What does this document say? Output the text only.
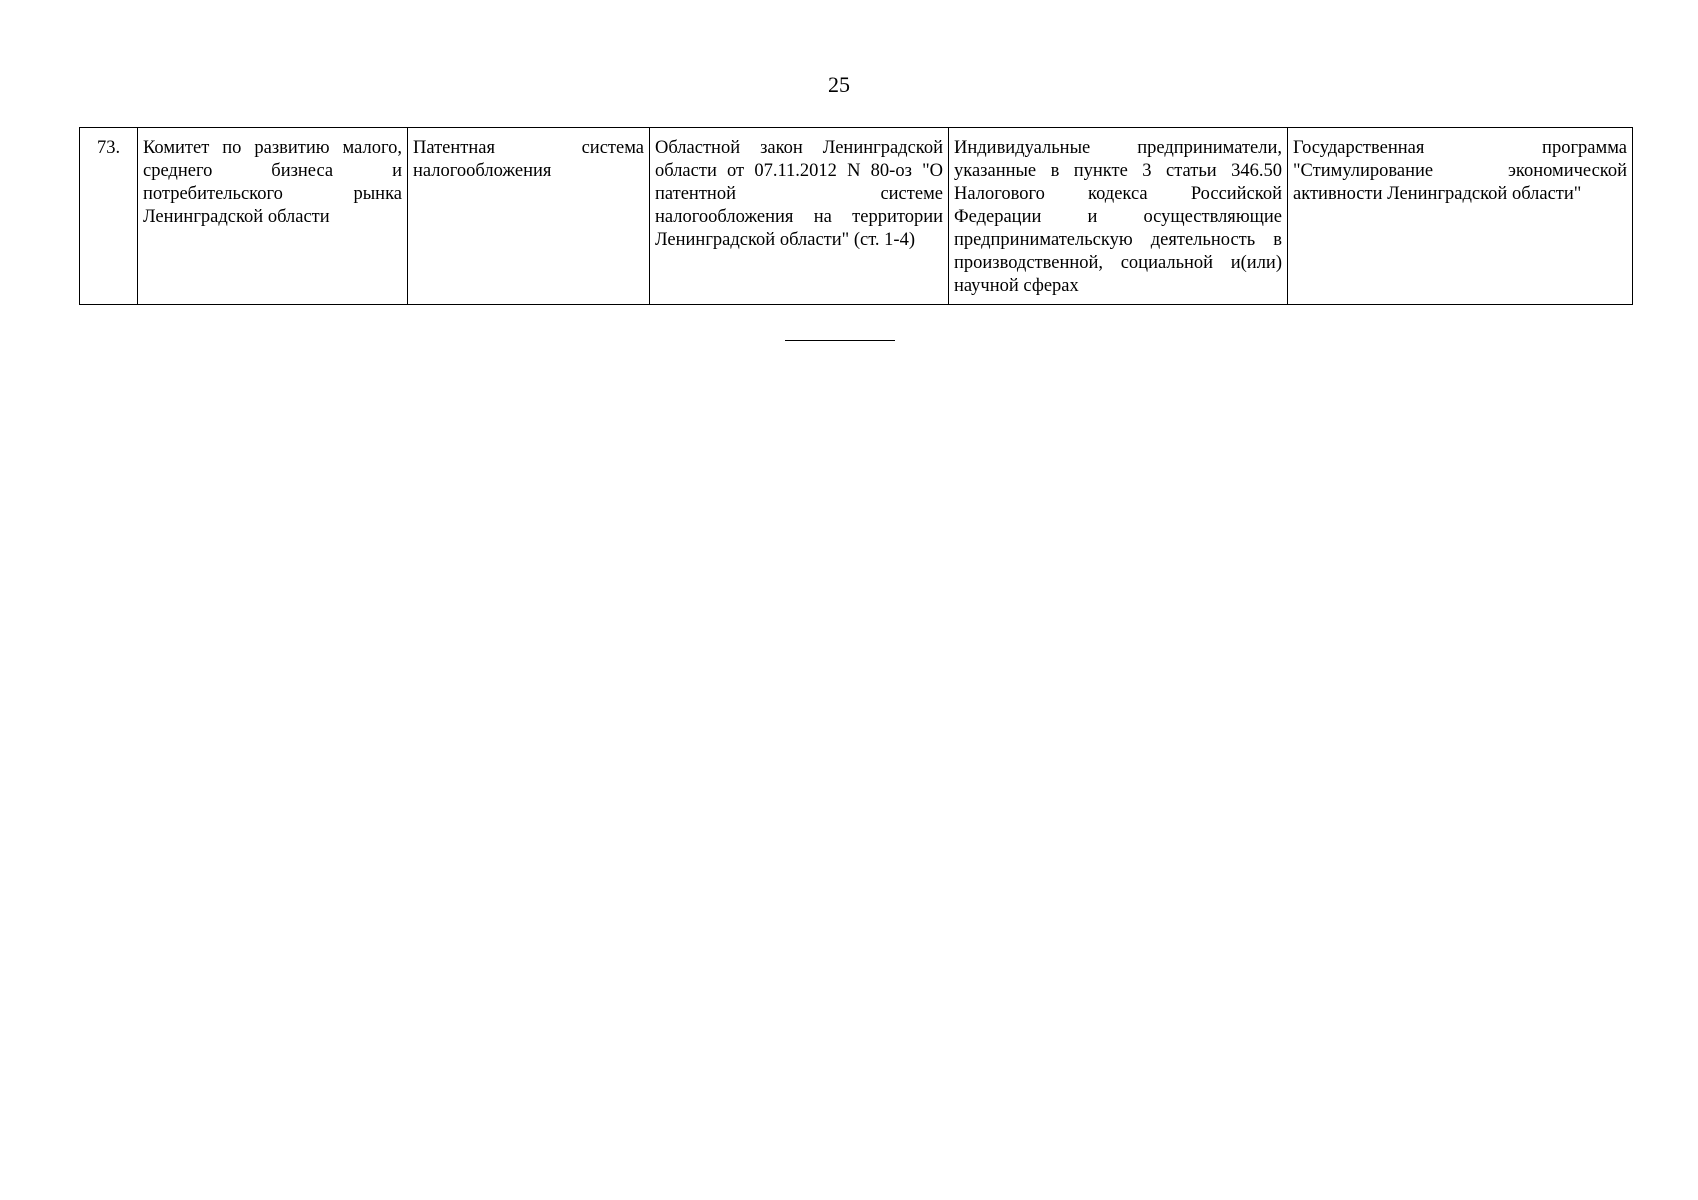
25
73.	Комитет по развитию малого, среднего бизнеса и потребительского рынка Ленинградской области	Патентная система налогообложения	Областной закон Ленинградской области от 07.11.2012 N 80-оз "О патентной системе налогообложения на территории Ленинградской области" (ст. 1-4)	Индивидуальные предприниматели, указанные в пункте 3 статьи 346.50 Налогового кодекса Российской Федерации и осуществляющие предпринимательскую деятельность в производственной, социальной и(или) научной сферах	Государственная программа "Стимулирование экономической активности Ленинградской области"
